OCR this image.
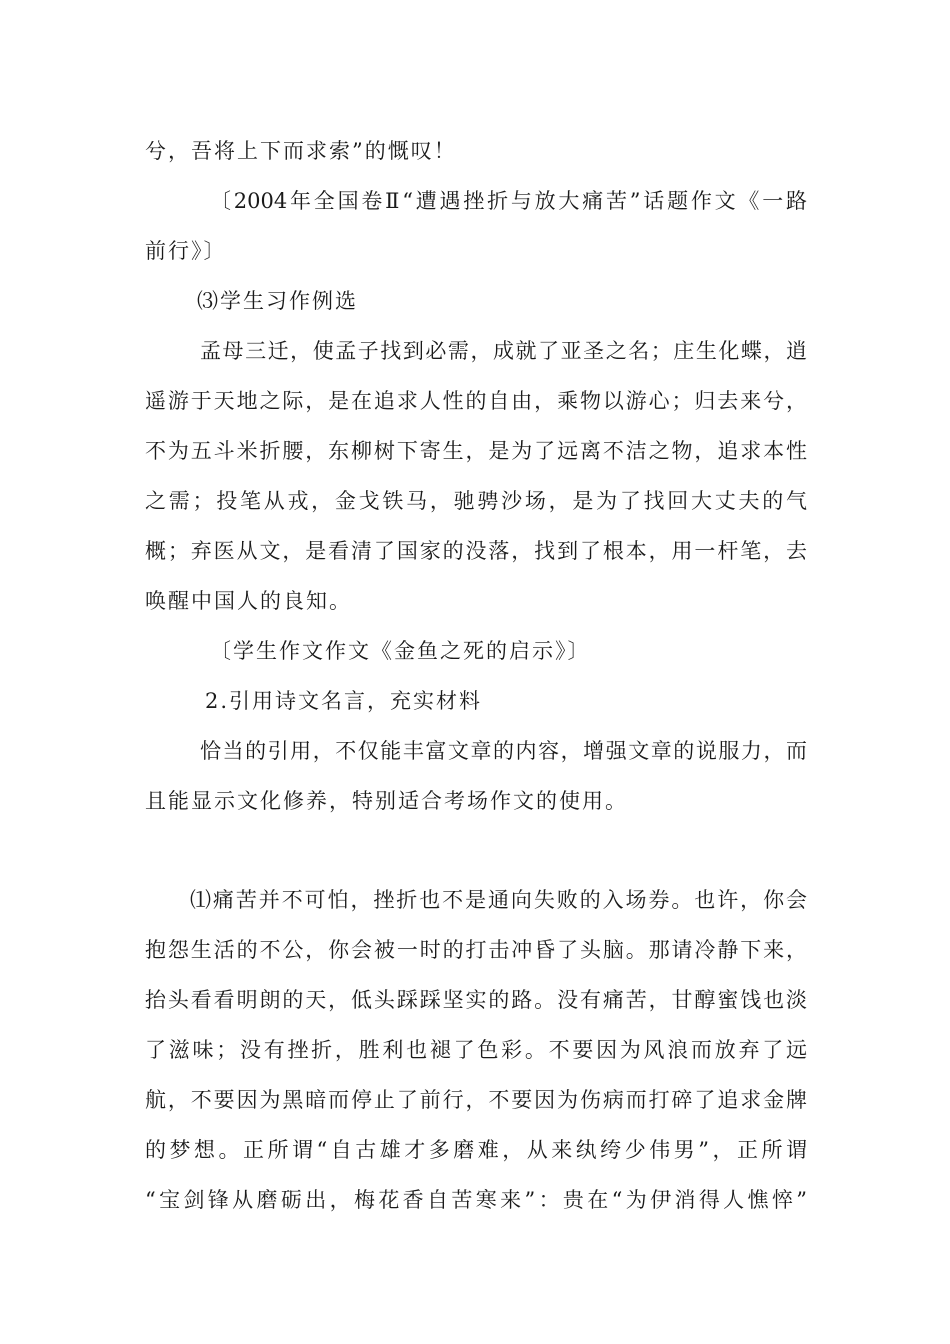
兮，吾将上下而求索”的慨叹！
〔2004年全国卷Ⅱ“遭遇挫折与放大痛苦”话题作文《一路
前行》〕
⑶学生习作例选
孟母三迁，使孟子找到必需，成就了亚圣之名；庄生化蝶，逍
遥游于天地之际，是在追求人性的自由，乘物以游心；归去来兮，
不为五斗米折腰，东柳树下寄生，是为了远离不洁之物，追求本性
之需；投笔从戎，金戈铁马，驰骋沙场，是为了找回大丈夫的气
概；弃医从文，是看清了国家的没落，找到了根本，用一杆笔，去
唤醒中国人的良知。
〔学生作文作文《金鱼之死的启示》〕
2.引用诗文名言，充实材料
恰当的引用，不仅能丰富文章的内容，增强文章的说服力，而
且能显示文化修养，特别适合考场作文的使用。
⑴痛苦并不可怕，挫折也不是通向失败的入场券。也许，你会
抱怨生活的不公，你会被一时的打击冲昏了头脑。那请冷静下来，
抬头看看明朗的天，低头踩踩坚实的路。没有痛苦，甘醇蜜饯也淡
了滋味；没有挫折，胜利也褪了色彩。不要因为风浪而放弃了远
航，不要因为黑暗而停止了前行，不要因为伤病而打碎了追求金牌
的梦想。正所谓“自古雄才多磨难，从来纨绔少伟男”，正所谓
“宝剑锋从磨砺出，梅花香自苦寒来”：贵在“为伊消得人憔悴”
